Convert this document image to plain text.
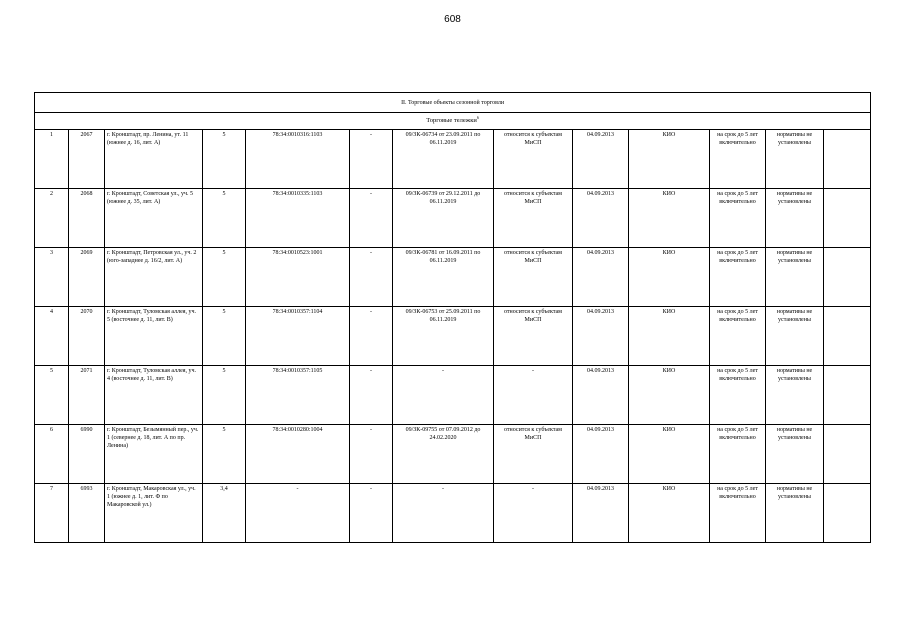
608
II. Торговые объекты сезонной торговли												
Торговые тележки$^6$
1	2067	г. Кронштадт, пр. Ленина, ут. 11 (южнее д. 16, лит. А)	5	78:34:0010316:1103	-	09/ЗК-06734 от 23.09.2011 по 06.11.2019	относится к субъектам МиСП	04.09.2013	КИО	на срок до 5 лет включительно	нормативы не установлены	
2	2068	г. Кронштадт, Советская ул., уч. 5 (южнее д. 35, лит. А)	5	78:34:0010335:1103	-	09/ЗК-06739 от 29.12.2011 до 06.11.2019	относится к субъектам МиСП	04.09.2013	КИО	на срок до 5 лет включительно	нормативы не установлены	
3	2069	г. Кронштадт, Петровская ул., уч. 2 (юго-западнее д. 16/2, лит. А)	5	78:34:0010523:1001	-	09/ЗК-06781 от 16.09.2011 по 06.11.2019	относится к субъектам МиСП	04.09.2013	КИО	на срок до 5 лет включительно	нормативы не установлены	
4	2070	г. Кронштадт, Туломская аллея, уч. 5 (восточнее д. 11, лит. В)	5	78:34:0010357:1104	-	09/ЗК-06753 от 25.09.2011 по 06.11.2019	относится к субъектам МиСП	04.09.2013	КИО	на срок до 5 лет включительно	нормативы не установлены	
5	2071	г. Кронштадт, Туломская аллея, уч. 4 (восточнее д. 11, лит. В)	5	78:34:0010357:1105	-	-	-	04.09.2013	КИО	на срок до 5 лет включительно	нормативы не установлены	
6	6990	г. Кронштадт, Безымянный пер., уч. 1 (севернее д. 18, лит. А по пр. Ленина)	5	78:34:0010280:1004	-	09/ЗК-09755 от 07.09.2012 до 24.02.2020	относится к субъектам МиСП	04.09.2013	КИО	на срок до 5 лет включительно	нормативы не установлены	
7	6993	г. Кронштадт, Макаровская ул., уч. 1 (южнее д. 1, лит. Ф по Макаровской ул.)	3,4	-	-	-	-	04.09.2013	КИО	на срок до 5 лет включительно	нормативы не установлены	
